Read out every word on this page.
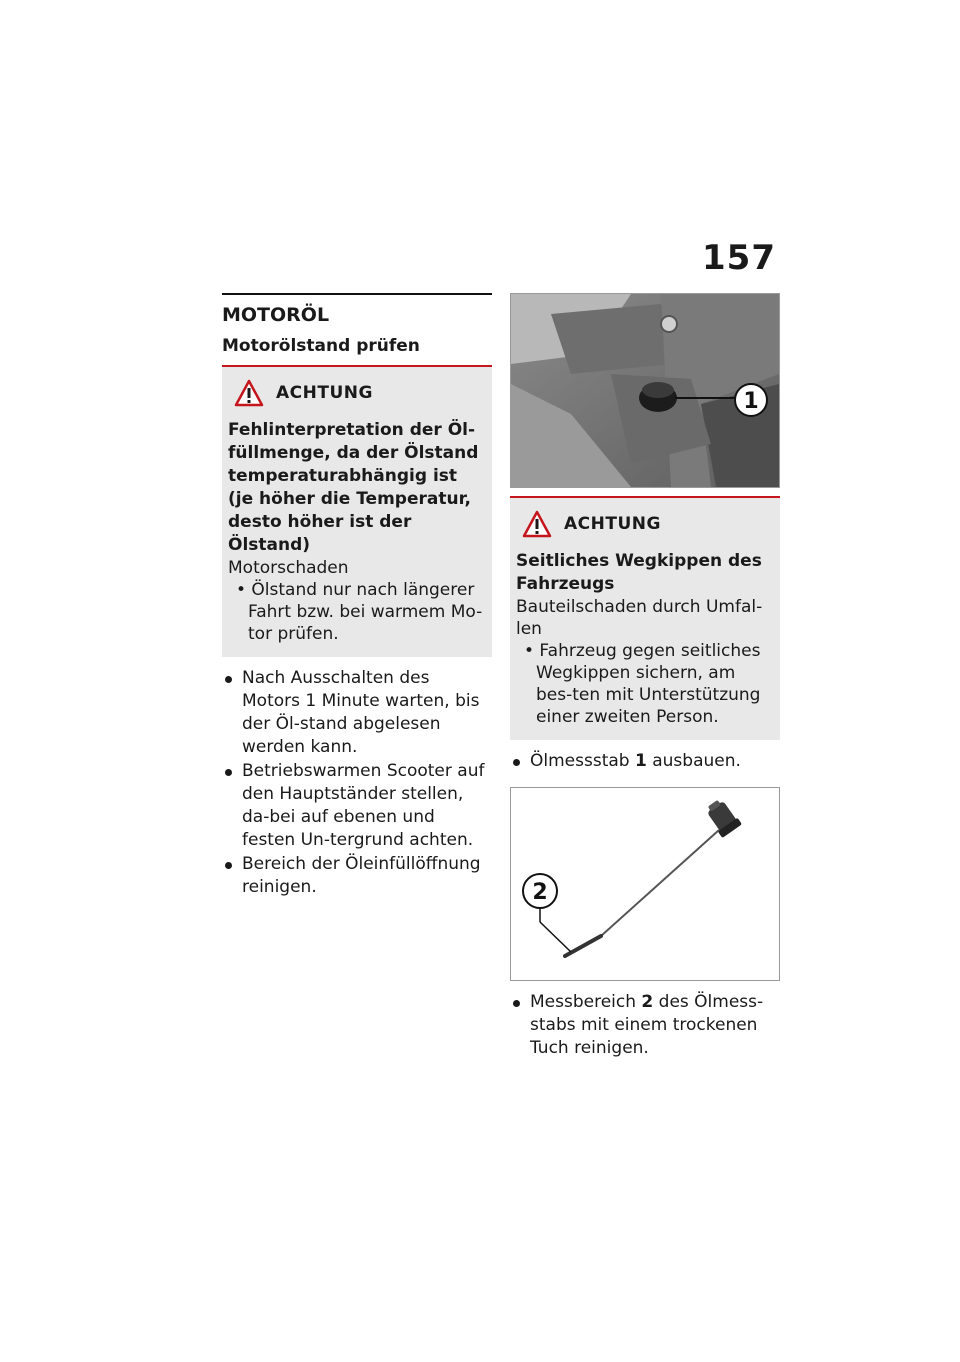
157
MOTORÖL
Motorölstand prüfen
ACHTUNG
Fehlinterpretation der Öl-füllmenge, da der Ölstand temperaturabhängig ist (je höher die Temperatur, desto höher ist der Ölstand)
Motorschaden
• Ölstand nur nach längerer Fahrt bzw. bei warmem Mo-tor prüfen.
Nach Ausschalten des Motors 1 Minute warten, bis der Öl-stand abgelesen werden kann.
Betriebswarmen Scooter auf den Hauptständer stellen, da-bei auf ebenen und festen Un-tergrund achten.
Bereich der Öleinfüllöffnung reinigen.
1
ACHTUNG
Seitliches Wegkippen des Fahrzeugs
Bauteilschaden durch Umfal-len
• Fahrzeug gegen seitliches Wegkippen sichern, am bes-ten mit Unterstützung einer zweiten Person.
Ölmessstab 1 ausbauen.
2
Messbereich 2 des Ölmess-stabs mit einem trockenen Tuch reinigen.
